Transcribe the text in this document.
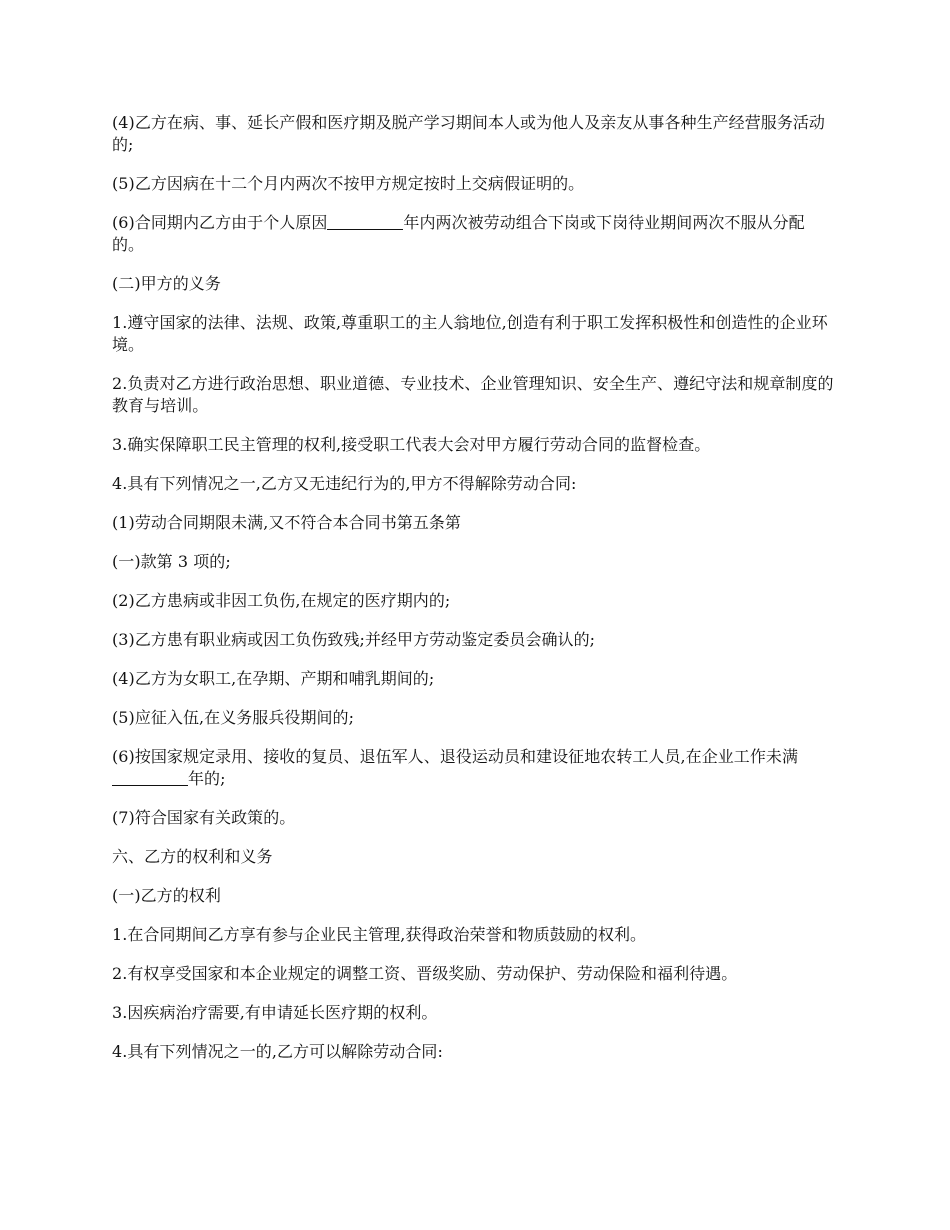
(4)乙方在病、事、延长产假和医疗期及脱产学习期间本人或为他人及亲友从事各种生产经营服务活动的;

(5)乙方因病在十二个月内两次不按甲方规定按时上交病假证明的。

(6)合同期内乙方由于个人原因	年内两次被劳动组合下岗或下岗待业期间两次不服从分配的。

(二)甲方的义务

1.遵守国家的法律、法规、政策,尊重职工的主人翁地位,创造有利于职工发挥积极性和创造性的企业环境。

2.负责对乙方进行政治思想、职业道德、专业技术、企业管理知识、安全生产、遵纪守法和规章制度的教育与培训。

3.确实保障职工民主管理的权利,接受职工代表大会对甲方履行劳动合同的监督检查。

4.具有下列情况之一,乙方又无违纪行为的,甲方不得解除劳动合同:

(1)劳动合同期限未满,又不符合本合同书第五条第

(一)款第 3 项的;

(2)乙方患病或非因工负伤,在规定的医疗期内的;

(3)乙方患有职业病或因工负伤致残;并经甲方劳动鉴定委员会确认的;

(4)乙方为女职工,在孕期、产期和哺乳期间的;

(5)应征入伍,在义务服兵役期间的;

(6)按国家规定录用、接收的复员、退伍军人、退役运动员和建设征地农转工人员,在企业工作未满年的;

(7)符合国家有关政策的。

六、乙方的权利和义务

(一)乙方的权利

1.在合同期间乙方享有参与企业民主管理,获得政治荣誉和物质鼓励的权利。

2.有权享受国家和本企业规定的调整工资、晋级奖励、劳动保护、劳动保险和福利待遇。

3.因疾病治疗需要,有申请延长医疗期的权利。

4.具有下列情况之一的,乙方可以解除劳动合同:
